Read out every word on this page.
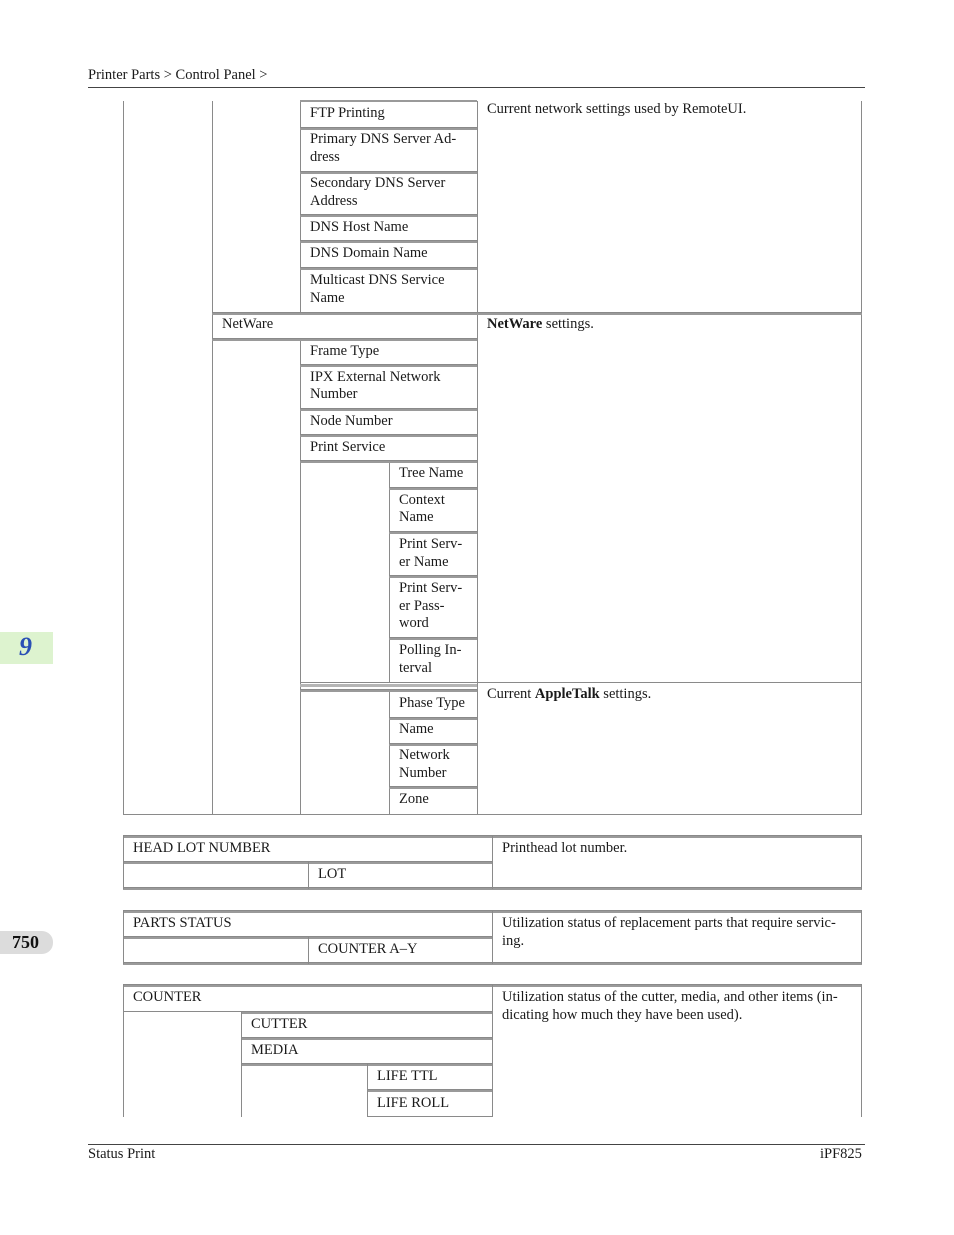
Printer Parts > Control Panel >
9
750
FTP Printing
Primary DNS Server Ad-
dress
Secondary DNS Server
Address
DNS Host Name
DNS Domain Name
Multicast DNS Service
Name
Current network settings used by RemoteUI.
NetWare	NetWare settings.
Frame Type
IPX External Network
Number
Node Number
Print Service
Tree Name
Context
Name
Print Serv-
er Name
Print Serv-
er Pass-
word
Polling In-
terval
Current AppleTalk settings.
Phase Type
Name
Network
Number
Zone
HEAD LOT NUMBER
LOT
Printhead lot number.
PARTS STATUS
COUNTER A–Y
Utilization status of replacement parts that require servic-
ing.
COUNTER
CUTTER
MEDIA
LIFE TTL
LIFE ROLL
Utilization status of the cutter, media, and other items (in-
dicating how much they have been used).
Status Print	iPF825
